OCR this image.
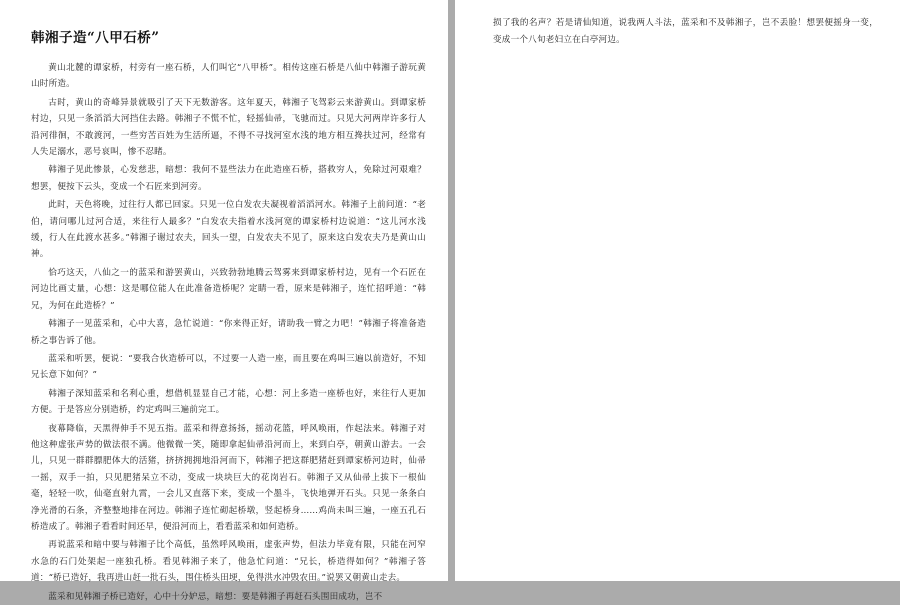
韩湘子造“八甲石桥”

黄山北麓的谭家桥，村旁有一座石桥，人们叫它“八甲桥”。相传这座石桥是八仙中韩湘子游玩黄山时所造。

古时，黄山的奇峰异景就吸引了天下无数游客。这年夏天，韩湘子飞驾彩云来游黄山。到谭家桥村边，只见一条滔滔大河挡住去路。韩湘子不慌不忙，轻摇仙帚，飞驰而过。只见大河两岸许多行人沿河徘徊，不敢渡河，一些穷苦百姓为生活所逼，不得不寻找河室水浅的地方相互搀扶过河，经常有人失足溺水，恶号哀叫，惨不忍睹。

韩湘子见此惨景，心发慈悲，暗想：我何不显些法力在此造座石桥，搭救穷人，免除过河艰难？想罢，便按下云头，变成一个石匠来到河旁。

此时，天色将晚，过往行人都已回家。只见一位白发农夫凝视着滔滔河水。韩湘子上前问道：“老伯，请问哪儿过河合适，来往行人最多？”白发农夫指着水浅河宽的谭家桥村边说道：“这儿河水浅缓，行人在此渡水甚多。”韩湘子谢过农夫，回头一望，白发农夫不见了，原来这白发农夫乃是黄山山神。

恰巧这天，八仙之一的蓝采和游罢黄山，兴致勃勃地腾云驾雾来到谭家桥村边，见有一个石匠在河边比画丈量，心想：这是哪位能人在此准备造桥呢？定睛一看，原来是韩湘子，连忙招呼道：“韩兄，为何在此造桥？”

韩湘子一见蓝采和，心中大喜，急忙说道：“你来得正好，请助我一臂之力吧！”韩湘子将准备造桥之事告诉了他。

蓝采和听罢，便说：“要我合伙造桥可以，不过要一人造一座，而且要在鸡叫三遍以前造好，不知兄长意下如何？”

韩湘子深知蓝采和名利心重，想借机显显自己才能，心想：河上多造一座桥也好，来往行人更加方便。于是答应分别造桥，约定鸡叫三遍前完工。

夜幕降临，天黑得伸手不见五指。蓝采和得意扬扬，摇动花篮，呼风唤雨，作起法来。韩湘子对他这种虚张声势的做法很不满。他微微一笑，随即拿起仙帚沿河而上，来到白亭，朝黄山游去。一会儿，只见一群群膘肥体大的活猪，挤挤拥拥地沿河而下，韩湘子把这群肥猪赶到谭家桥河边时，仙帚一摇，双手一拍，只见肥猪呆立不动，变成一块块巨大的花岗岩石。韩湘子又从仙帚上拔下一根仙毫，轻轻一吹，仙毫直射九霄，一会儿又直落下来，变成一个墨斗，飞快地弹开石头。只见一条条白净光滑的石条，齐整整地排在河边。韩湘子连忙砌起桥墩，竖起桥身……鸡尚未叫三遍，一座五孔石桥造成了。韩湘子看看时间还早，便沿河而上，看看蓝采和如何造桥。

再说蓝采和暗中要与韩湘子比个高低，虽然呼风唤雨，虚张声势，但法力毕竟有限，只能在河窄水急的石门处架起一座独孔桥。看见韩湘子来了，他急忙问道：“兄长，桥造得如何？”韩湘子答道：“桥已造好，我再进山赶一批石头，围住桥头田埂，免得洪水冲毁农田。”说罢又朝黄山走去。

蓝采和见韩湘子桥已造好，心中十分妒忌，暗想：要是韩湘子再赶石头围田成功，岂不

损了我的名声？若是请仙知道，说我两人斗法，蓝采和不及韩湘子，岂不丢脸！想罢便摇身一变，变成一个八旬老妇立在白亭河边。
